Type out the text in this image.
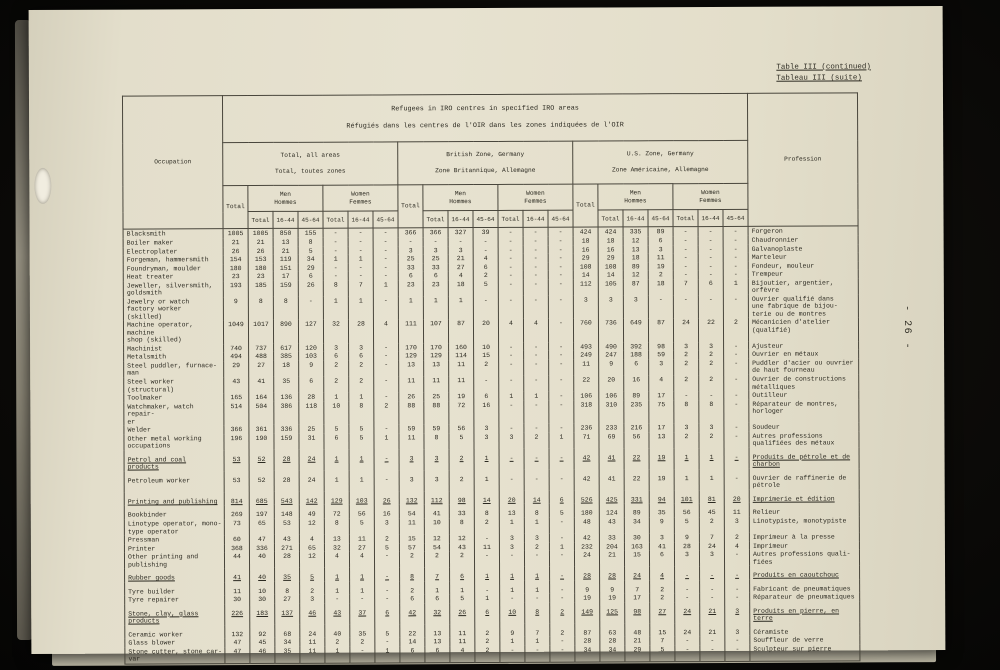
Table III (continued)
Tableau III (suite)
- 26 -
Occupation	Refugees in IRO centres in specified IRO areas

Réfugiés dans les centres de l'OIR dans les zones indiquées de l'OIR																					Profession

Total, all areas

Total, toutes zones

British Zone, Germany

Zone Britannique, Allemagne

U.S. Zone, Germany

Zone Américaine, Allemagne

	Total	Men
Hommes			Women
Femmes			Total	Men
Hommes			Women
Femmes			Total	Men
Hommes			Women
Femmes			
		Total	16-44	45-64	Total	16-44	45-64		Total	16-44	45-64	Total	16-44	45-64		Total	16-44	45-64	Total	16-44	45-64	
Blacksmith	1005	1005	850	155	-	-	-	366	366	327	39	-	-	-	424	424	335	89	-	-	-	Forgeron
Boiler maker	21	21	13	8	-	-	-	-	-	-	-	-	-	-	18	18	12	6	-	-	-	Chaudronnier
Electroplater	26	26	21	5	-	-	-	3	3	3	-	-	-	-	16	16	13	3	-	-	-	Galvanoplaste
Forgeman, hammersmith	154	153	119	34	1	1	-	25	25	21	4	-	-	-	29	29	18	11	-	-	-	Marteleur
Foundryman, moulder	180	180	151	29	-	-	-	33	33	27	6	-	-	-	108	108	89	19	-	-	-	Fondeur, mouleur
Heat treater	23	23	17	6	-	-	-	6	6	4	2	-	-	-	14	14	12	2	-	-	-	Trempeur
Jeweller, silversmith,
goldsmith	193	185	159	26	8	7	1	23	23	18	5	-	-	-	112	105	87	18	7	6	1	Bijoutier, argentier,
orfèvre
Jewelry or watch
factory worker
(skilled)	9	8	8	-	1	1	-	1	1	1	-	-	-	-	3	3	3	-	-	-	-	Ouvrier qualifié dans
une fabrique de bijou-
terie ou de montres
Machine operator, machine
shop (skilled)	1049	1017	890	127	32	28	4	111	107	87	20	4	4	-	760	736	649	87	24	22	2	Mécanicien d'atelier
(qualifié)
Machinist	740	737	617	120	3	3	-	170	170	160	10	-	-	-	493	490	392	98	3	3	-	Ajusteur
Metalsmith	494	488	385	103	6	6	-	129	129	114	15	-	-	-	249	247	188	59	2	2	-	Ouvrier en métaux
Steel puddler, furnace-
man	29	27	18	9	2	2	-	13	13	11	2	-	-	-	11	9	6	3	2	2	-	Puddler d'acier ou ouvrier
de haut fourneau
Steel worker (structural)	43	41	35	6	2	2	-	11	11	11	-	-	-	-	22	20	16	4	2	2	-	Ouvrier de constructions
métalliques
Toolmaker	165	164	136	28	1	1	-	26	25	19	6	1	1	-	106	106	89	17	-	-	-	Outilleur
Watchmaker, watch repair-
er	514	504	386	118	10	8	2	88	88	72	16	-	-	-	318	310	235	75	8	8	-	Réparateur de montres,
horloger
Welder	366	361	336	25	5	5	-	59	59	56	3	-	-	-	236	233	216	17	3	3	-	Soudeur
Other metal working
occupations	196	190	159	31	6	5	1	11	8	5	3	3	2	1	71	69	56	13	2	2	-	Autres professions
qualifiées des métaux
Petrol and coal
products	53	52	28	24	1	1	-	3	3	2	1	-	-	-	42	41	22	19	1	1	-	Produits de pétrole et de
charbon
Petroleum worker	53	52	28	24	1	1	-	3	3	2	1	-	-	-	42	41	22	19	1	1	-	Ouvrier de raffinerie de
pétrole
Printing and publishing	814	685	543	142	129	103	26	132	112	98	14	20	14	6	526	425	331	94	101	81	20	Imprimerie et édition
Bookbinder	269	197	148	49	72	56	16	54	41	33	8	13	8	5	180	124	89	35	56	45	11	Relieur
Linotype operator, mono-
type operator	73	65	53	12	8	5	3	11	10	8	2	1	1	-	48	43	34	9	5	2	3	Linotypiste, monotypiste
Pressman	60	47	43	4	13	11	2	15	12	12	-	3	3	-	42	33	30	3	9	7	2	Imprimeur à la presse
Printer	368	336	271	65	32	27	5	57	54	43	11	3	2	1	232	204	163	41	28	24	4	Imprimeur
Other printing and
publishing	44	40	28	12	4	4	-	2	2	2	-	-	-	-	24	21	15	6	3	3	-	Autres professions quali-
fiées
Rubber goods	41	40	35	5	1	1	-	8	7	6	1	1	1	-	28	28	24	4	-	-	-	Produits en caoutchouc
Tyre builder	11	10	8	2	1	1	-	2	1	1	-	1	1	-	9	9	7	2	-	-	-	Fabricant de pneumatiques
Tyre repairer	30	30	27	3	-	-	-	6	6	5	1	-	-	-	19	19	17	2	-	-	-	Réparateur de pneumatiques
Stone, clay, glass
products	226	183	137	46	43	37	6	42	32	26	6	10	8	2	149	125	98	27	24	21	3	Produits en pierre, en
terre
Ceramic worker	132	92	68	24	40	35	5	22	13	11	2	9	7	2	87	63	48	15	24	21	3	Céramiste
Glass blower	47	45	34	11	2	2	-	14	13	11	2	1	1	-	28	28	21	7	-	-	-	Souffleur de verre
Stone cutter, stone car-
var	47	46	35	11	1	-	1	6	6	4	2	-	-	-	34	34	29	5	-	-	-	Sculpteur sur pierre
